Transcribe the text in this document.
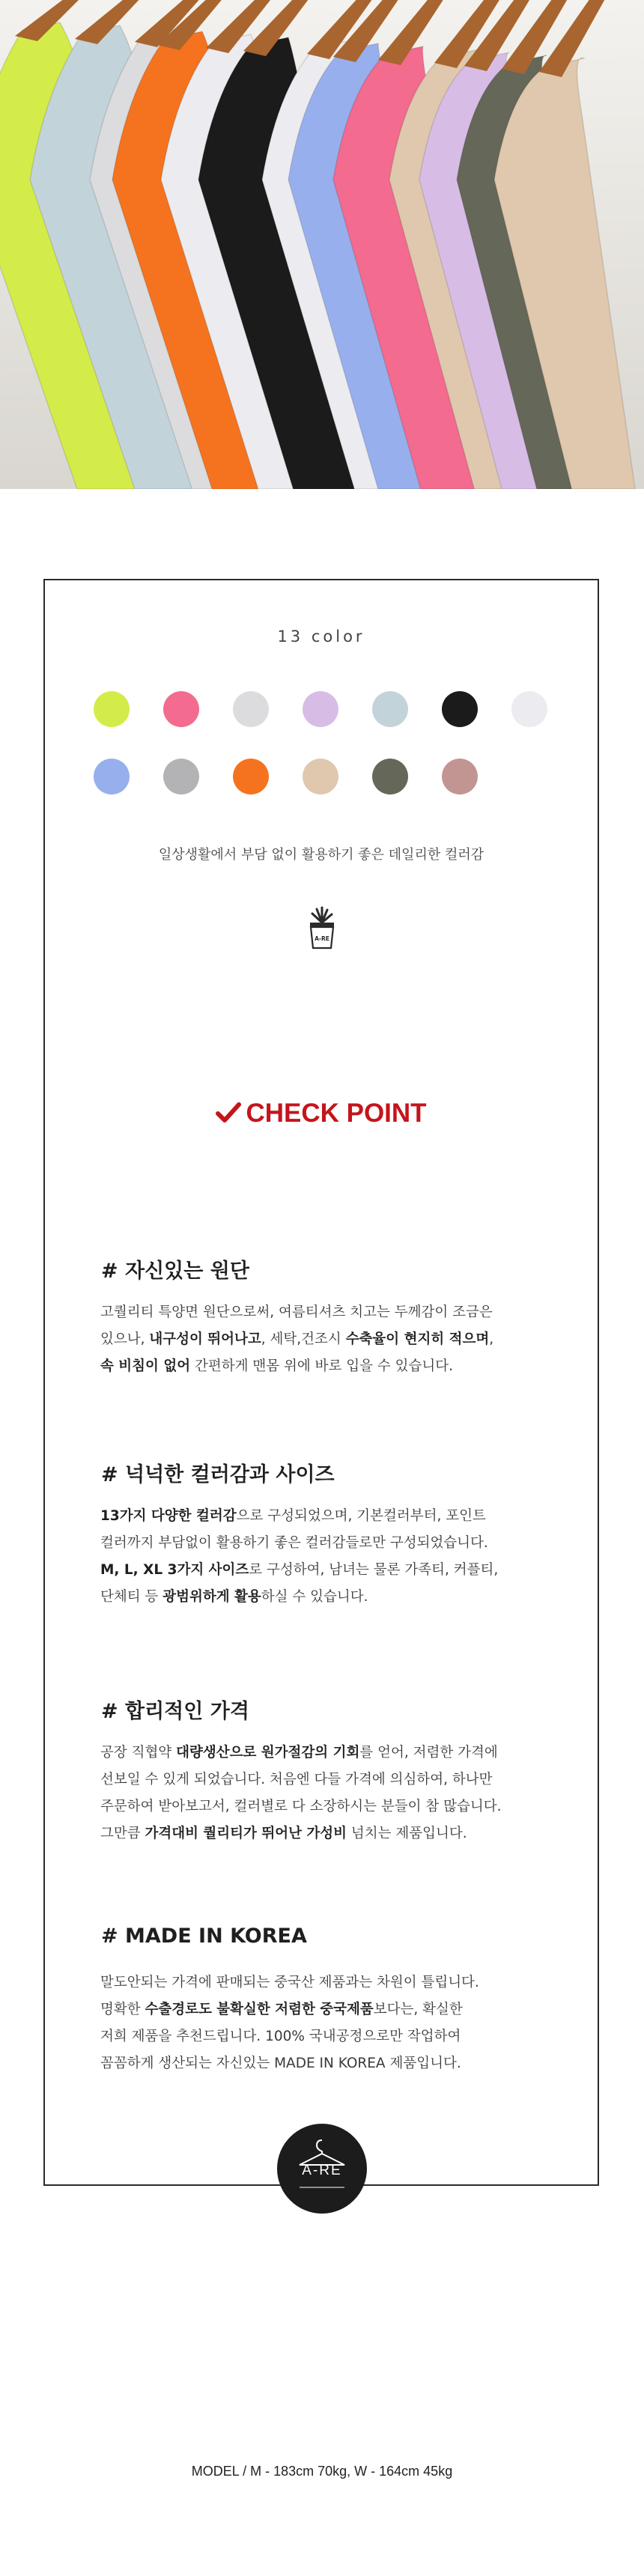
13 color
일상생활에서 부담 없이 활용하기 좋은 데일리한 컬러감
A-RE
CHECK POINT
# 자신있는 원단
고퀄리티 특양면 원단으로써, 여름티셔츠 치고는 두께감이 조금은
있으나, 내구성이 뛰어나고, 세탁,건조시 수축율이 현지히 적으며,
속 비침이 없어 간편하게 맨몸 위에 바로 입을 수 있습니다.
# 넉넉한 컬러감과 사이즈
13가지 다양한 컬러감으로 구성되었으며, 기본컬러부터, 포인트
컬러까지 부담없이 활용하기 좋은 컬러감들로만 구성되었습니다.
M, L, XL 3가지 사이즈로 구성하여, 남녀는 물론 가족티, 커플티,
단체티 등 광범위하게 활용하실 수 있습니다.
# 합리적인 가격
공장 직협약 대량생산으로 원가절감의 기회를 얻어, 저렴한 가격에
선보일 수 있게 되었습니다. 처음엔 다들 가격에 의심하여, 하나만
주문하여 받아보고서, 컬러별로 다 소장하시는 분들이 참 많습니다.
그만큼 가격대비 퀄리티가 뛰어난 가성비 넘치는 제품입니다.
# MADE IN KOREA
말도안되는 가격에 판매되는 중국산 제품과는 차원이 틀립니다.
명확한 수출경로도 불확실한 저렴한 중국제품보다는, 확실한
저희 제품을 추천드립니다. 100% 국내공정으로만 작업하여
꼼꼼하게 생산되는 자신있는 MADE IN KOREA 제품입니다.
A-RE
MODEL / M - 183cm 70kg, W - 164cm 45kg
